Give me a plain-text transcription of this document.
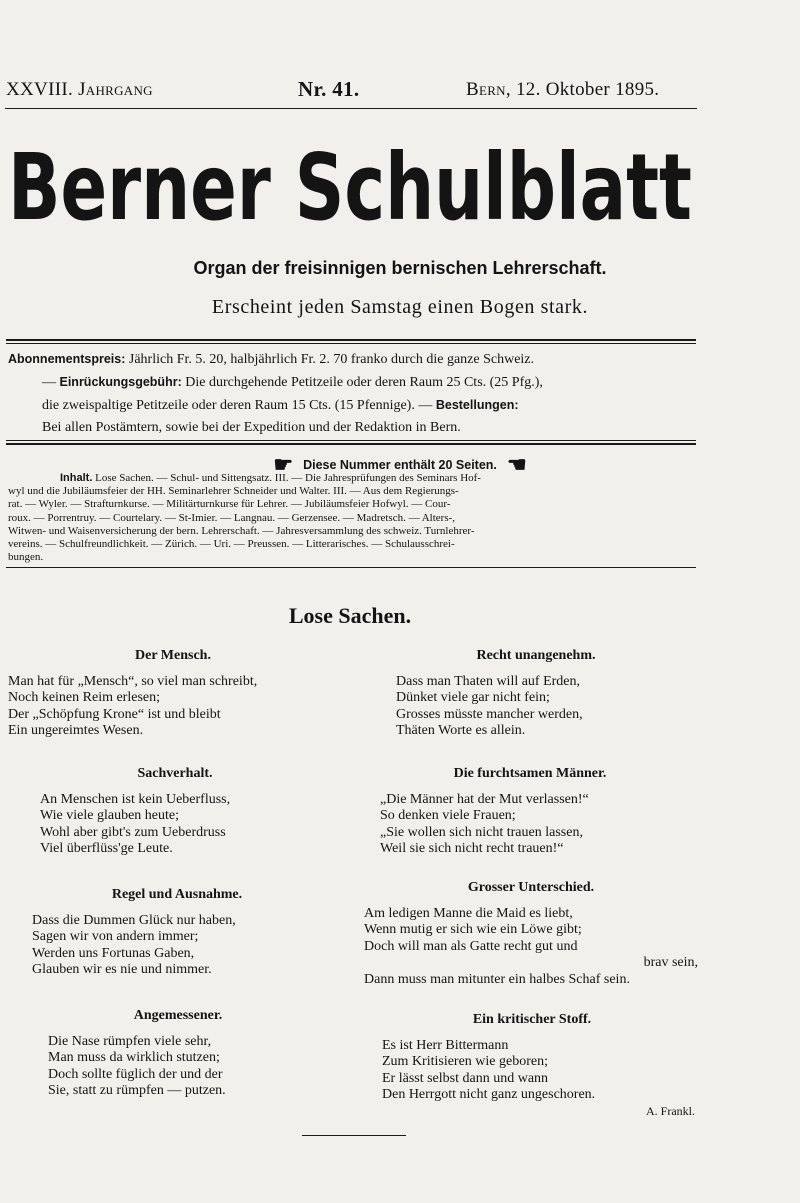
XXVIII. Jahrgang	Nr. 41.	Bern, 12. Oktober 1895.
Berner Schulblatt
Organ der freisinnigen bernischen Lehrerschaft.
Erscheint jeden Samstag einen Bogen stark.
Abonnementspreis: Jährlich Fr. 5. 20, halbjährlich Fr. 2. 70 franko durch die ganze Schweiz.
— Einrückungsgebühr: Die durchgehende Petitzeile oder deren Raum 25 Cts. (25 Pfg.),
die zweispaltige Petitzeile oder deren Raum 15 Cts. (15 Pfennige). — Bestellungen:
Bei allen Postämtern, sowie bei der Expedition und der Redaktion in Bern.
☛ Diese Nummer enthält 20 Seiten. ☛
Inhalt. Lose Sachen. — Schul- und Sittengsatz. III. — Die Jahresprüfungen des Seminars Hof-
wyl und die Jubiläumsfeier der HH. Seminarlehrer Schneider und Walter. III. — Aus dem Regierungs-
rat. — Wyler. — Strafturnkurse. — Militärturnkurse für Lehrer. — Jubiläumsfeier Hofwyl. — Cour-
roux. — Porrentruy. — Courtelary. — St-Imier. — Langnau. — Gerzensee. — Madretsch. — Alters-,
Witwen- und Waisenversicherung der bern. Lehrerschaft. — Jahresversammlung des schweiz. Turnlehrer-
vereins. — Schulfreundlichkeit. — Zürich. — Uri. — Preussen. — Litterarisches. — Schulausschrei-
bungen.
Lose Sachen.
Der Mensch.
Man hat für „Mensch“, so viel man schreibt,
Noch keinen Reim erlesen;
Der „Schöpfung Krone“ ist und bleibt
Ein ungereimtes Wesen.
Sachverhalt.
An Menschen ist kein Ueberfluss,
Wie viele glauben heute;
Wohl aber gibt's zum Ueberdruss
Viel überflüss'ge Leute.
Regel und Ausnahme.
Dass die Dummen Glück nur haben,
Sagen wir von andern immer;
Werden uns Fortunas Gaben,
Glauben wir es nie und nimmer.
Angemessener.
Die Nase rümpfen viele sehr,
Man muss da wirklich stutzen;
Doch sollte füglich der und der
Sie, statt zu rümpfen — putzen.
Recht unangenehm.
Dass man Thaten will auf Erden,
Dünket viele gar nicht fein;
Grosses müsste mancher werden,
Thäten Worte es allein.
Die furchtsamen Männer.
„Die Männer hat der Mut verlassen!“
So denken viele Frauen;
„Sie wollen sich nicht trauen lassen,
Weil sie sich nicht recht trauen!“
Grosser Unterschied.
Am ledigen Manne die Maid es liebt,
Wenn mutig er sich wie ein Löwe gibt;
Doch will man als Gatte recht gut und
brav sein,
Dann muss man mitunter ein halbes Schaf sein.
Ein kritischer Stoff.
Es ist Herr Bittermann
Zum Kritisieren wie geboren;
Er lässt selbst dann und wann
Den Herrgott nicht ganz ungeschoren.
A. Frankl.
